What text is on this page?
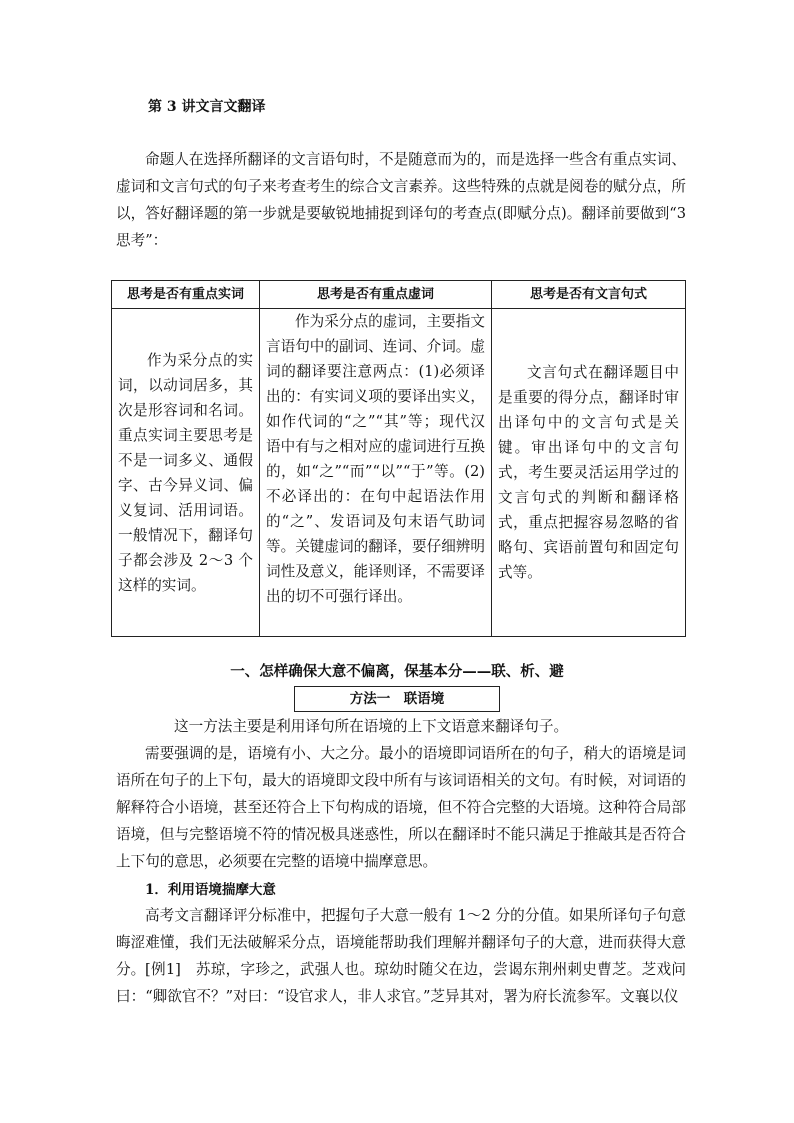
第 3 讲文言文翻译

命题人在选择所翻译的文言语句时，不是随意而为的，而是选择一些含有重点实词、虚词和文言句式的句子来考查考生的综合文言素养。这些特殊的点就是阅卷的赋分点，所以，答好翻译题的第一步就是要敏锐地捕捉到译句的考查点(即赋分点)。翻译前要做到“3思考”：

思考是否有重点实词	思考是否有重点虚词	思考是否有文言句式

作为采分点的实词，以动词居多，其次是形容词和名词。重点实词主要思考是不是一词多义、通假字、古今异义词、偏义复词、活用词语。一般情况下，翻译句子都会涉及 2～3 个这样的实词。	作为采分点的虚词，主要指文言语句中的副词、连词、介词。虚词的翻译要注意两点：(1)必须译出的：有实词义项的要译出实义，如作代词的“之”“其”等；现代汉语中有与之相对应的虚词进行互换的，如“之”“而”“以”“于”等。(2)不必译出的：在句中起语法作用的“之”、发语词及句末语气助词等。关键虚词的翻译，要仔细辨明词性及意义，能译则译，不需要译出的切不可强行译出。	文言句式在翻译题目中是重要的得分点，翻译时审出译句中的文言句式是关键。审出译句中的文言句式，考生要灵活运用学过的文言句式的判断和翻译格式，重点把握容易忽略的省略句、宾语前置句和固定句式等。

一、怎样确保大意不偏离，保基本分——联、析、避
方法一　联语境

这一方法主要是利用译句所在语境的上下文语意来翻译句子。

需要强调的是，语境有小、大之分。最小的语境即词语所在的句子，稍大的语境是词语所在句子的上下句，最大的语境即文段中所有与该词语相关的文句。有时候，对词语的解释符合小语境，甚至还符合上下句构成的语境，但不符合完整的大语境。这种符合局部语境，但与完整语境不符的情况极具迷惑性，所以在翻译时不能只满足于推敲其是否符合上下句的意思，必须要在完整的语境中揣摩意思。

1．利用语境揣摩大意

高考文言翻译评分标准中，把握句子大意一般有 1～2 分的分值。如果所译句子句意晦涩难懂，我们无法破解采分点，语境能帮助我们理解并翻译句子的大意，进而获得大意分。 [例1]　苏琼，字珍之，武强人也。琼幼时随父在边，尝谒东荆州刺史曹芝。芝戏问曰：“卿欲官不？”对曰：“设官求人，非人求官。”芝异其对，署为府长流参军。文襄以仪
